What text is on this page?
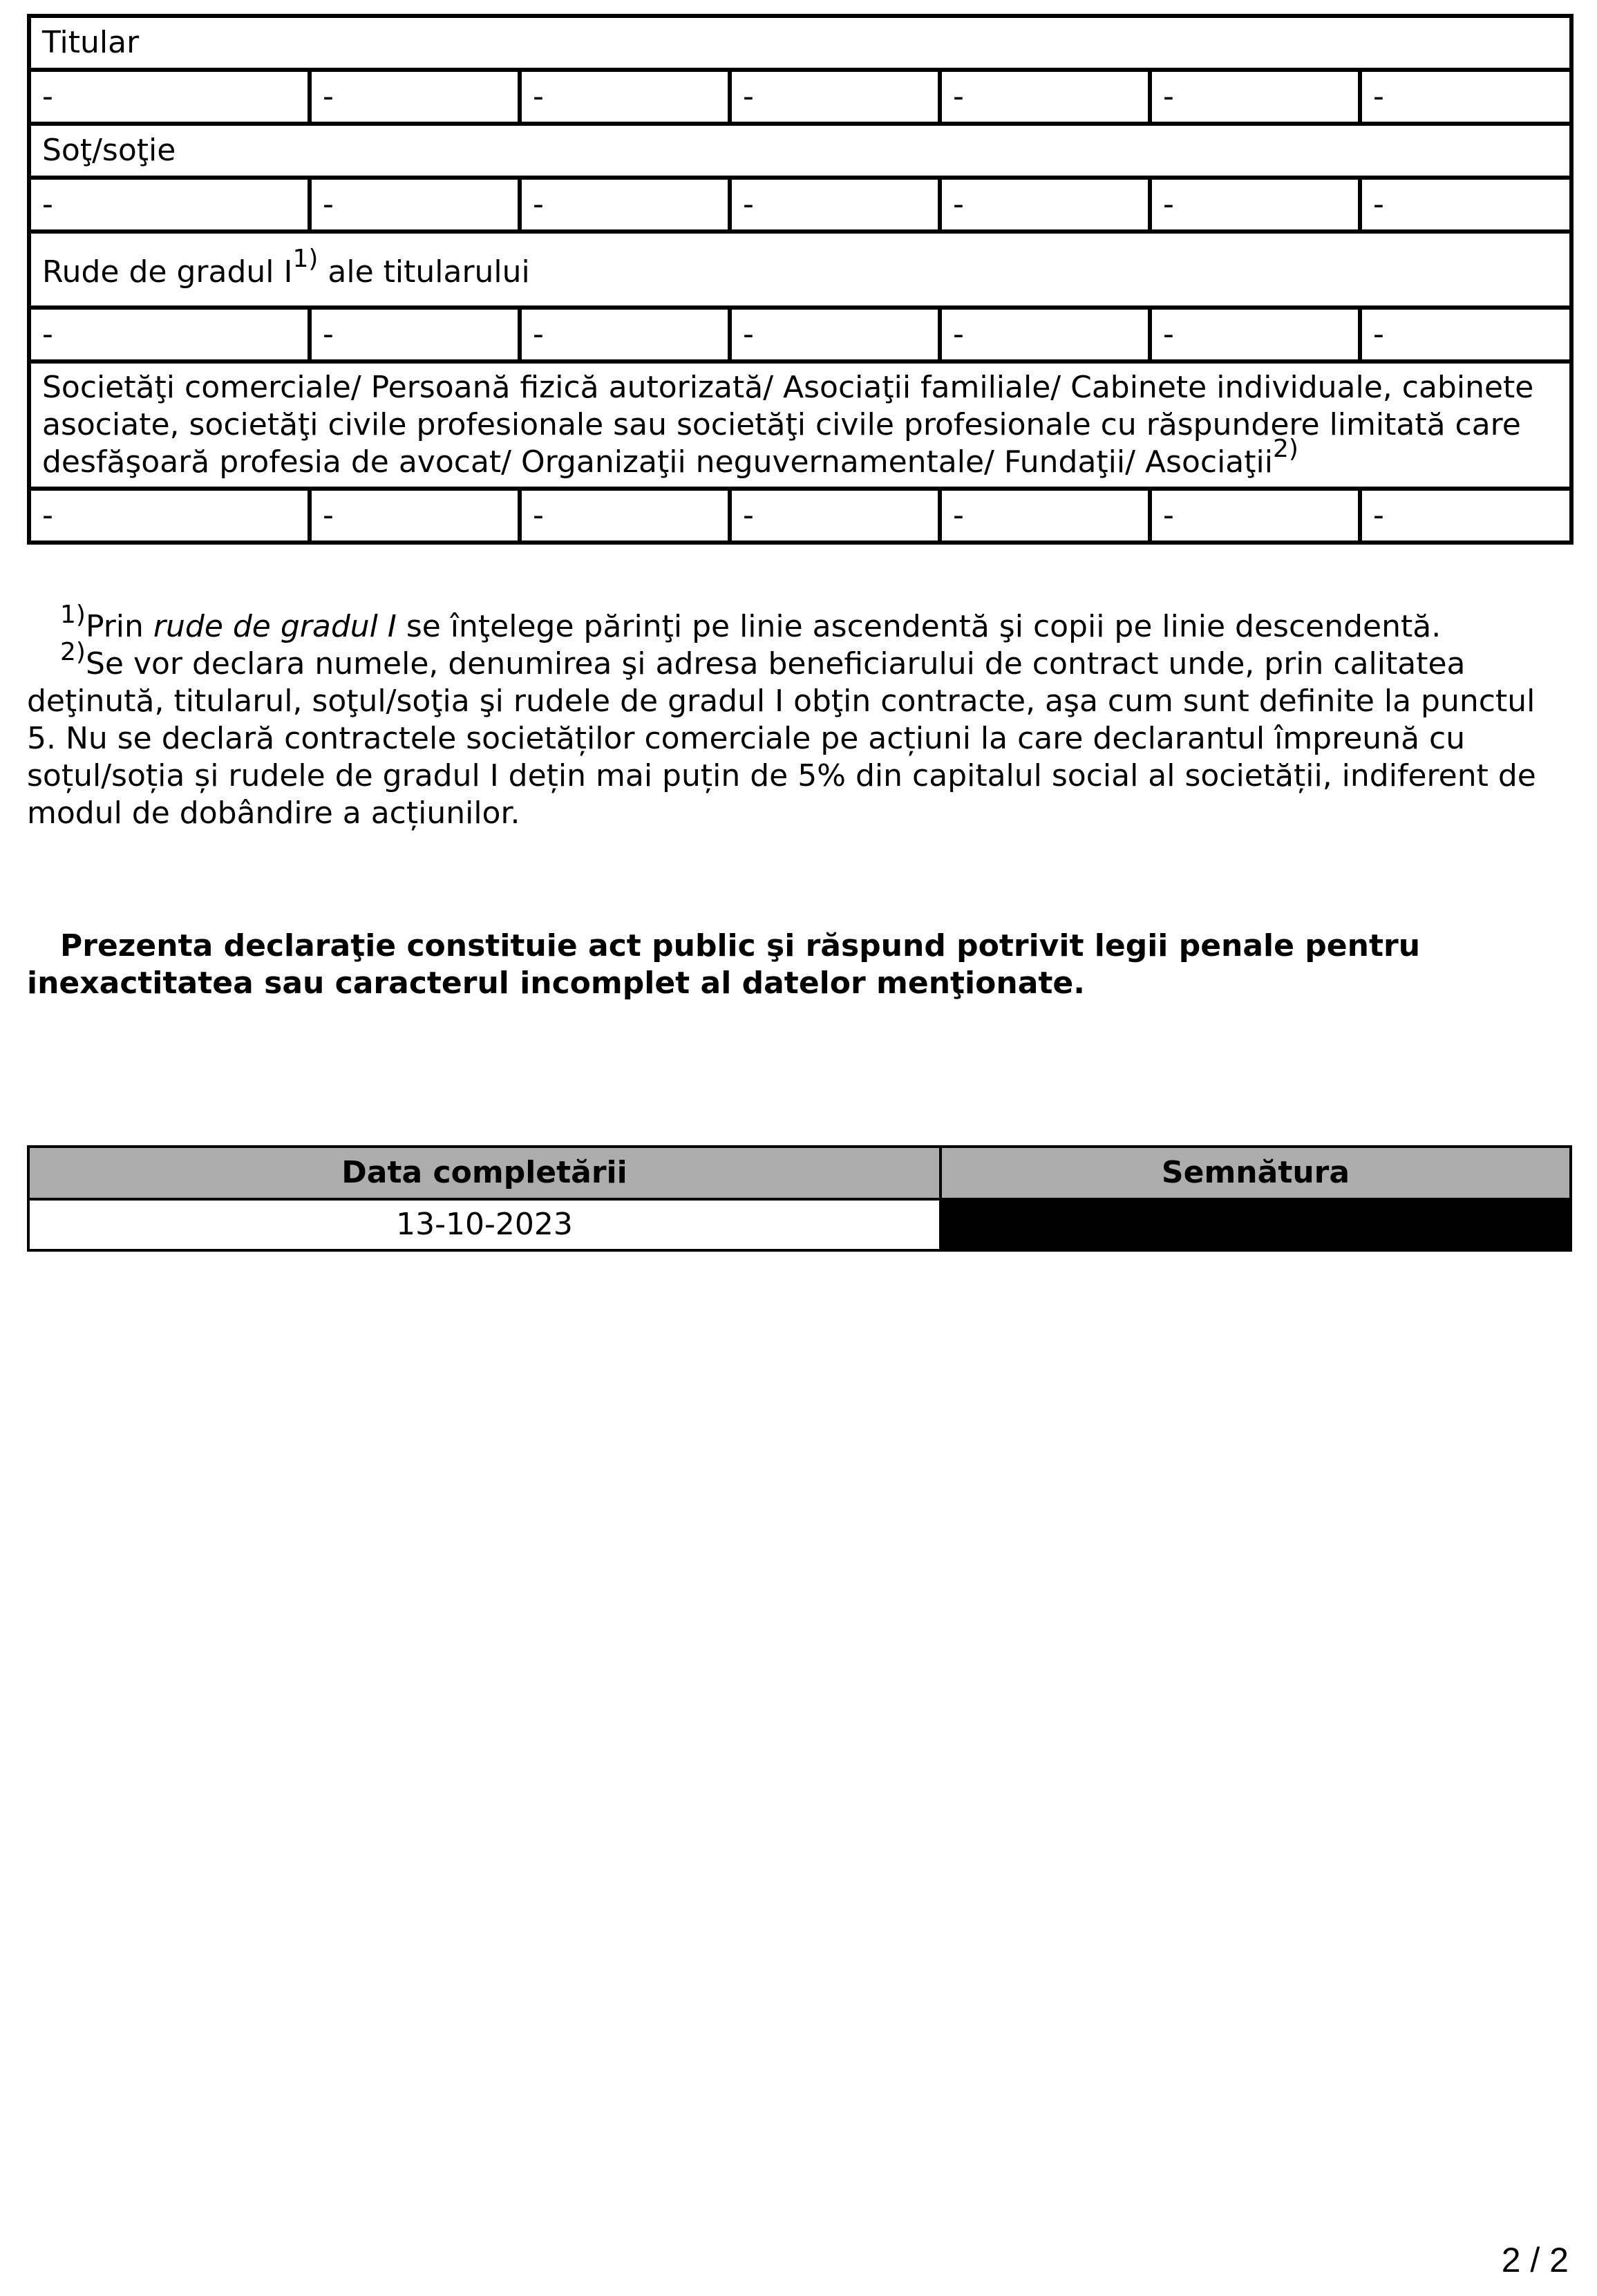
Titular						
-	-	-	-	-	-	-
Soţ/soţie						
-	-	-	-	-	-	-
Rude de gradul I$^{1)}$ ale titularului						
-	-	-	-	-	-	-
Societăţi comerciale/ Persoană fizică autorizată/ Asociaţii familiale/ Cabinete individuale, cabinete asociate, societăţi civile profesionale sau societăţi civile profesionale cu răspundere limitată care desfăşoară profesia de avocat/ Organizaţii neguvernamentale/ Fundaţii/ Asociaţii$^{2)}$
-	-	-	-	-	-	-

$^{1)}$Prin rude de gradul I se înţelege părinţi pe linie ascendentă şi copii pe linie descendentă.

$^{2)}$Se vor declara numele, denumirea şi adresa beneficiarului de contract unde, prin calitatea deţinută, titularul, soţul/soţia şi rudele de gradul I obţin contracte, aşa cum sunt definite la punctul 5. Nu se declară contractele societăților comerciale pe acțiuni la care declarantul împreună cu soțul/soția și rudele de gradul I dețin mai puțin de 5% din capitalul social al societății, indiferent de modul de dobândire a acțiunilor.

Prezenta declaraţie constituie act public şi răspund potrivit legii penale pentru inexactitatea sau caracterul incomplet al datelor menţionate.
Data completării	Semnătura
13-10-2023	
2 / 2
